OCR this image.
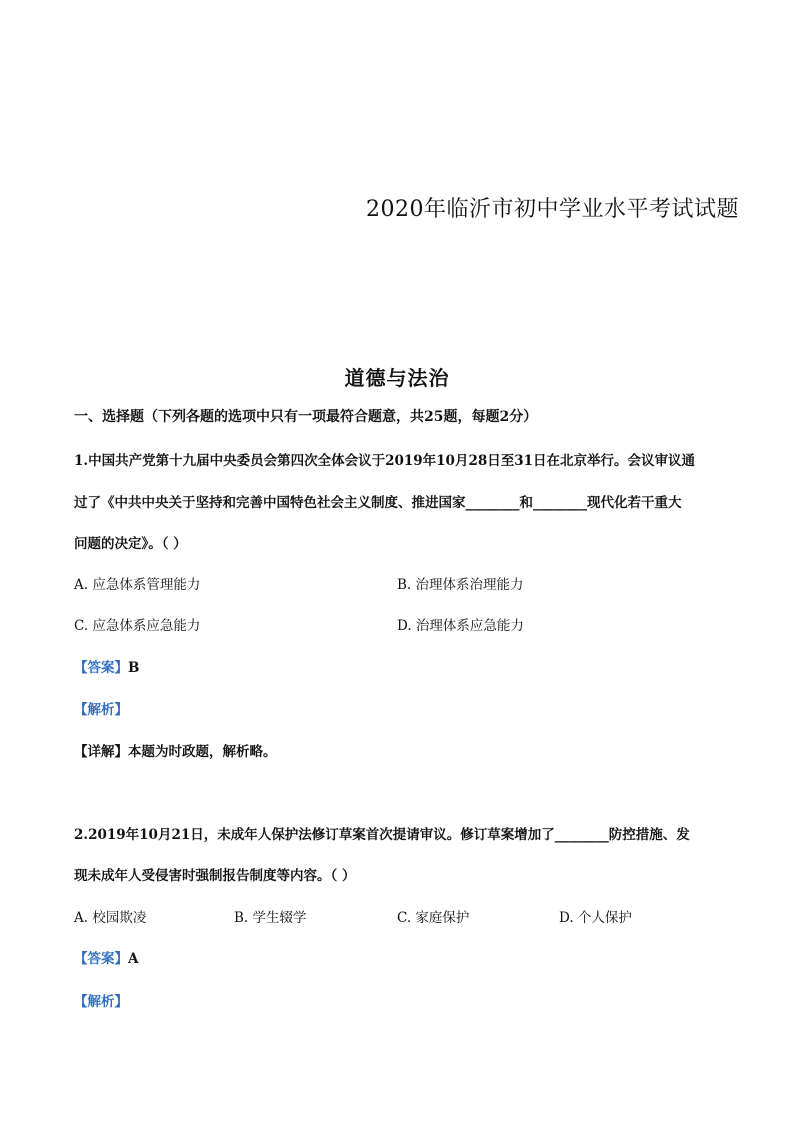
2020年临沂市初中学业水平考试试题
道德与法治
一、选择题（下列各题的选项中只有一项最符合题意，共25题，每题2分）
1.中国共产党第十九届中央委员会第四次全体会议于2019年10月28日至31日在北京举行。会议审议通
过了《中共中央关于坚持和完善中国特色社会主义制度、推进国家________和________现代化若干重大
问题的决定》。（ ）
A. 应急体系管理能力	B. 治理体系治理能力
C. 应急体系应急能力	D. 治理体系应急能力
【答案】B
【解析】
【详解】本题为时政题，解析略。
2.2019年10月21日，未成年人保护法修订草案首次提请审议。修订草案增加了________防控措施、发
现未成年人受侵害时强制报告制度等内容。（ ）
A. 校园欺凌	B. 学生辍学	C. 家庭保护	D. 个人保护
【答案】A
【解析】
